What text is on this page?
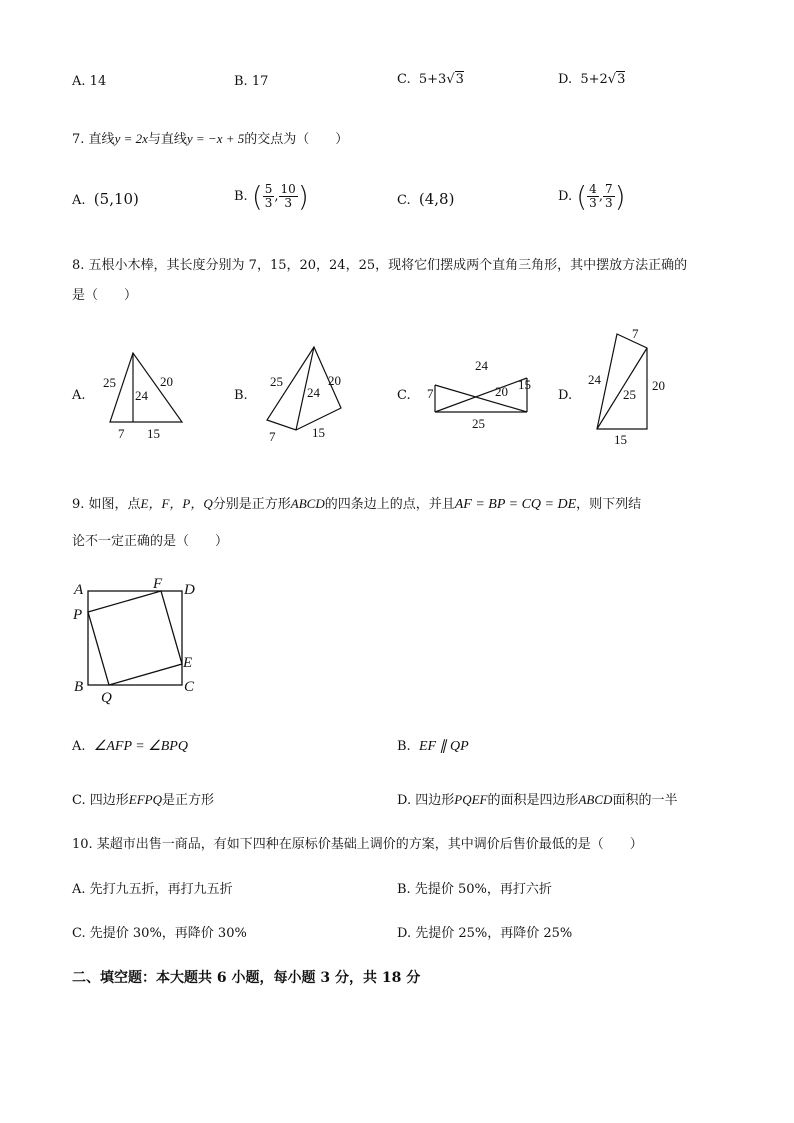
A. 14	B. 17	C. 5+3√3	D. 5+2√3
7. 直线y = 2x与直线y = −x + 5的交点为（　　）
A. (5,10)	B. ( $\frac{5}{3}$ , $\frac{10}{3}$ )	C. (4,8)	D. ( $\frac{4}{3}$ , $\frac{7}{3}$ )
8. 五根小木棒，其长度分别为 7，15，20，24，25，现将它们摆成两个直角三角形，其中摆放方法正确的
是（　　）
A.	B.	C.	D.
25
24
20
7 15
25
24
20
7	15
24
7	20 15
25
7
24
25
20
15
9. 如图，点E，F，P，Q分别是正方形ABCD的四条边上的点，并且AF = BP = CQ = DE，则下列结
论不一定正确的是（　　）
A	F D
P
E
B
Q
C
A. ∠AFP = ∠BPQ	B. EF ∥ QP
C. 四边形EFPQ是正方形	D. 四边形PQEF的面积是四边形ABCD面积的一半
10. 某超市出售一商品，有如下四种在原标价基础上调价的方案，其中调价后售价最低的是（　　）
A. 先打九五折，再打九五折	B. 先提价 50%，再打六折
C. 先提价 30%，再降价 30%	D. 先提价 25%，再降价 25%
二、填空题：本大题共 6 小题，每小题 3 分，共 18 分
